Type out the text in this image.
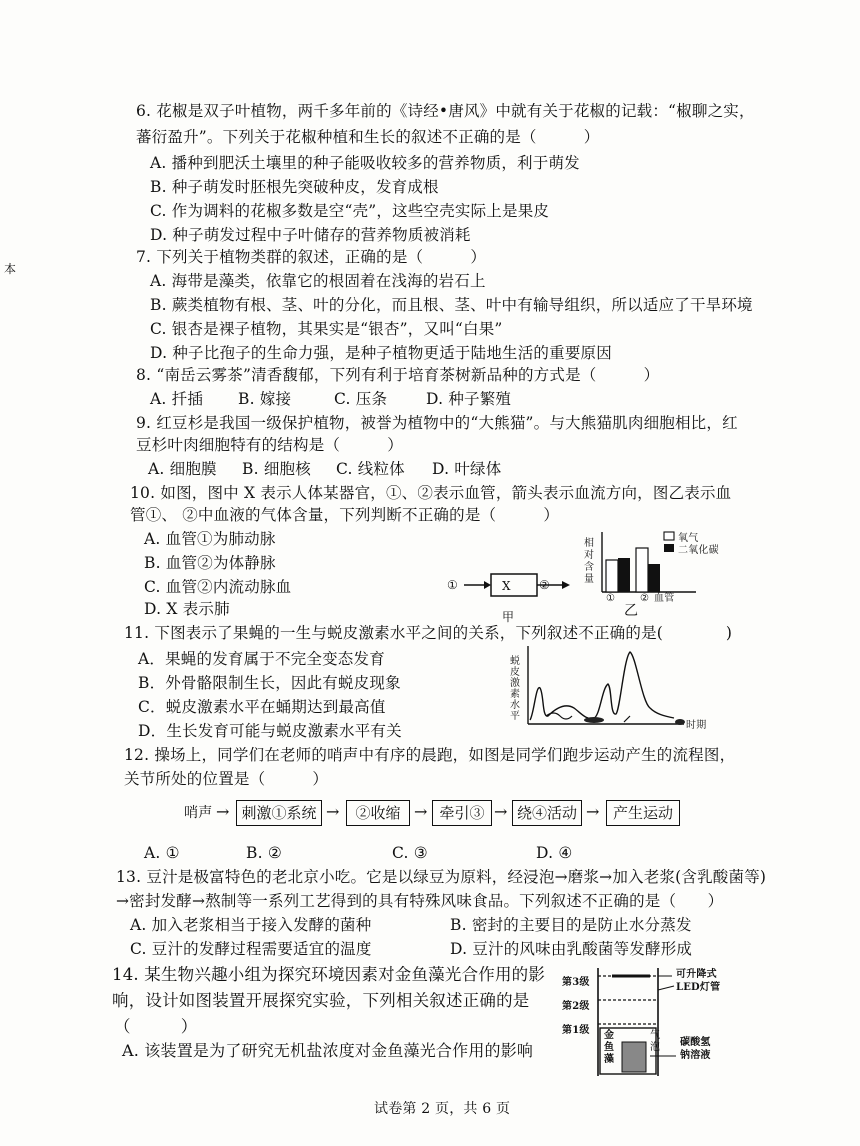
本
6. 花椒是双子叶植物，两千多年前的《诗经•唐风》中就有关于花椒的记载：“椒聊之实，
蕃衍盈升”。下列关于花椒种植和生长的叙述不正确的是（　　　）
A. 播种到肥沃土壤里的种子能吸收较多的营养物质，利于萌发
B. 种子萌发时胚根先突破种皮，发育成根
C. 作为调料的花椒多数是空“壳”，这些空壳实际上是果皮
D. 种子萌发过程中子叶储存的营养物质被消耗
7. 下列关于植物类群的叙述，正确的是（　　　）
A. 海带是藻类，依靠它的根固着在浅海的岩石上
B. 蕨类植物有根、茎、叶的分化，而且根、茎、叶中有输导组织，所以适应了干旱环境
C. 银杏是裸子植物，其果实是“银杏”，又叫“白果”
D. 种子比孢子的生命力强，是种子植物更适于陆地生活的重要原因
8. “南岳云雾茶”清香馥郁，下列有利于培育茶树新品种的方式是（　　　）
A. 扦插 B. 嫁接	C. 压条	D. 种子繁殖
9. 红豆杉是我国一级保护植物，被誉为植物中的“大熊猫”。与大熊猫肌肉细胞相比，红
豆杉叶肉细胞特有的结构是（　　　）
A. 细胞膜 B. 细胞核 C. 线粒体 D. 叶绿体
10. 如图，图中 X 表示人体某器官，①、②表示血管，箭头表示血流方向，图乙表示血
管①、 ②中血液的气体含量，下列判断不正确的是（　　　）
A. 血管①为肺动脉
B. 血管②为体静脉
C. 血管②内流动脉血
D. X 表示肺
①	X ②
甲
相
对
含
量
氧气
二氧化碳
① ② 血管
乙
11. 下图表示了果蝇的一生与蜕皮激素水平之间的关系，下列叙述不正确的是(　　　　)
A．果蝇的发育属于不完全变态发育
B．外骨骼限制生长，因此有蜕皮现象
C．蜕皮激素水平在蛹期达到最高值
D．生长发育可能与蜕皮激素水平有关
蜕
皮
激
素
水
平
时期
12. 操场上，同学们在老师的哨声中有序的晨跑，如图是同学们跑步运动产生的流程图，
关节所处的位置是（　　　）
哨声 → 刺激①系统 →	②收缩 → 牵引③ → 绕④活动 → 产生运动
A. ①	B. ②	C. ③	D. ④
13. 豆汁是极富特色的老北京小吃。它是以绿豆为原料，经浸泡→磨浆→加入老浆(含乳酸菌等)
→密封发酵→熬制等一系列工艺得到的具有特殊风味食品。下列叙述不正确的是（　　）
A. 加入老浆相当于接入发酵的菌种	B. 密封的主要目的是防止水分蒸发
C. 豆汁的发酵过程需要适宜的温度	D. 豆汁的风味由乳酸菌等发酵形成
14. 某生物兴趣小组为探究环境因素对金鱼藻光合作用的影
响，设计如图装置开展探究实验，下列相关叙述正确的是
（　　　）
A. 该装置是为了研究无机盐浓度对金鱼藻光合作用的影响
第3级
第2级
第1级
可升降式
LED灯管
金
鱼
藻
气
泡 碳酸氢
钠溶液
试卷第 2 页，共 6 页
